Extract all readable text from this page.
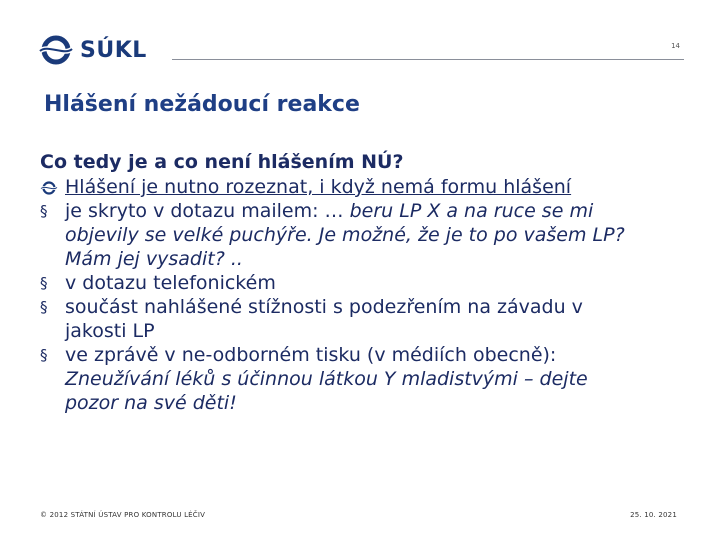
SÚKL	14
Hlášení nežádoucí reakce
Co tedy je a co není hlášením NÚ?
Hlášení je nutno rozeznat, i když nemá formu hlášení
§ je skryto v dotazu mailem: … beru LP X a na ruce se mi
objevily se velké puchýře. Je možné, že je to po vašem LP?
Mám jej vysadit? ..
§ v dotazu telefonickém
§ součást nahlášené stížnosti s podezřením na závadu v
jakosti LP
§ ve zprávě v ne-odborném tisku (v médiích obecně):
Zneužívání léků s účinnou látkou Y mladistvými – dejte
pozor na své děti!
© 2012 STÁTNÍ ÚSTAV PRO KONTROLU LÉČIV	25. 10. 2021
